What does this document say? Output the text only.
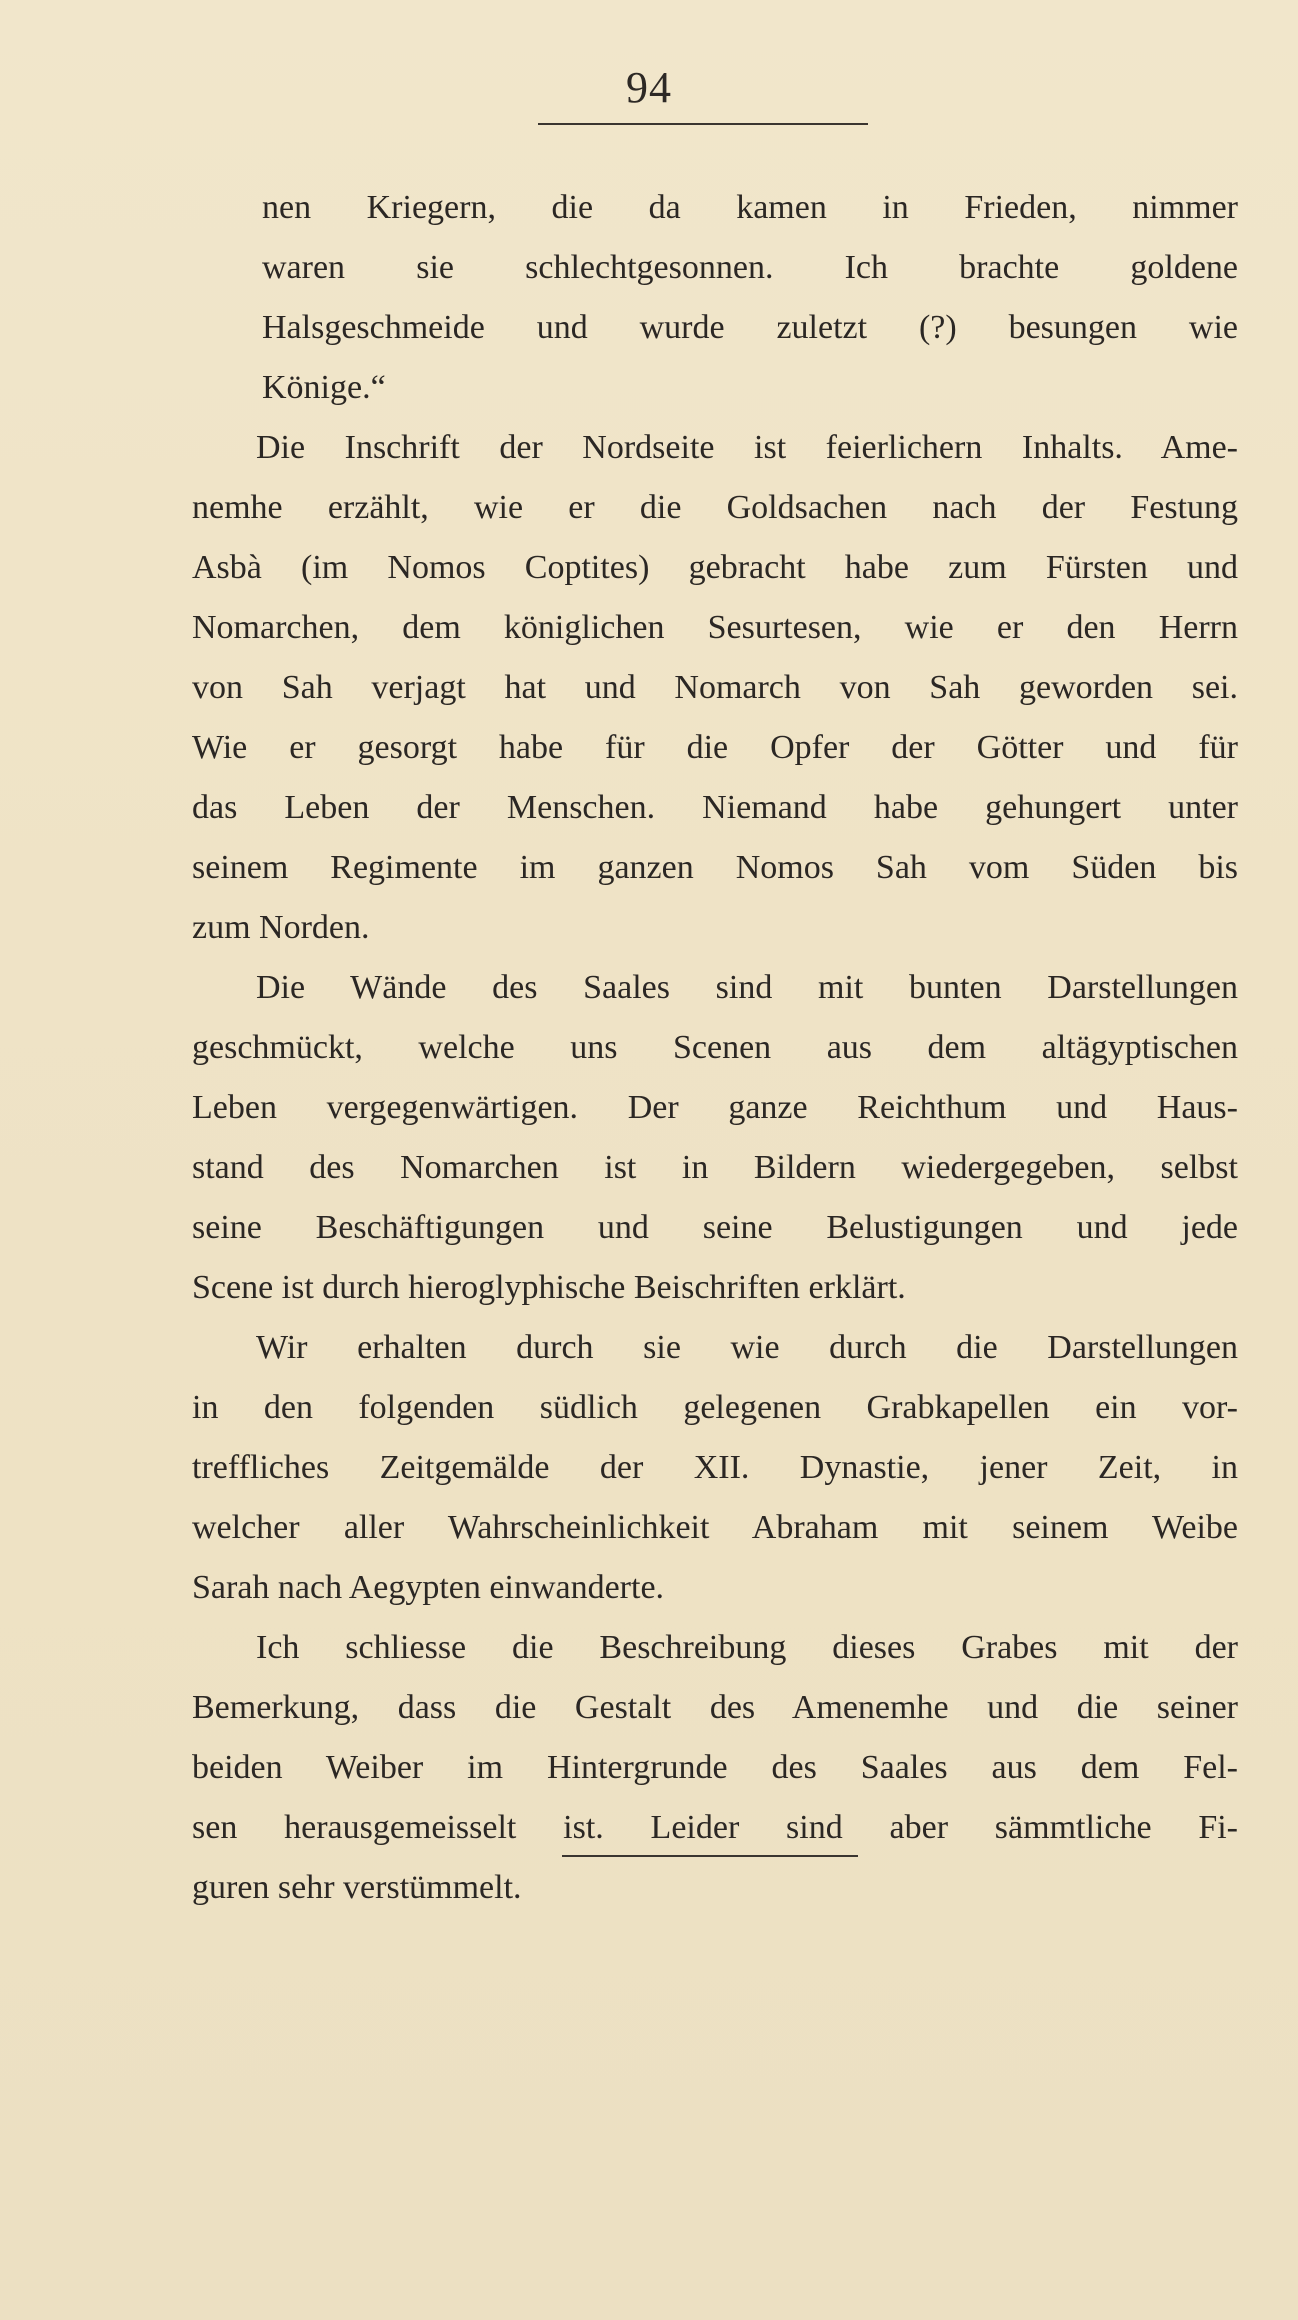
94
nen Kriegern, die da kamen in Frieden, nimmer
waren sie schlechtgesonnen. Ich brachte goldene
Halsgeschmeide und wurde zuletzt (?) besungen wie
Könige.“
Die Inschrift der Nordseite ist feierlichern Inhalts. Ame-
nemhe erzählt, wie er die Goldsachen nach der Festung
Asbà (im Nomos Coptites) gebracht habe zum Fürsten und
Nomarchen, dem königlichen Sesurtesen, wie er den Herrn
von Sah verjagt hat und Nomarch von Sah geworden sei.
Wie er gesorgt habe für die Opfer der Götter und für
das Leben der Menschen. Niemand habe gehungert unter
seinem Regimente im ganzen Nomos Sah vom Süden bis
zum Norden.
Die Wände des Saales sind mit bunten Darstellungen
geschmückt, welche uns Scenen aus dem altägyptischen
Leben vergegenwärtigen. Der ganze Reichthum und Haus-
stand des Nomarchen ist in Bildern wiedergegeben, selbst
seine Beschäftigungen und seine Belustigungen und jede
Scene ist durch hieroglyphische Beischriften erklärt.
Wir erhalten durch sie wie durch die Darstellungen
in den folgenden südlich gelegenen Grabkapellen ein vor-
treffliches Zeitgemälde der XII. Dynastie, jener Zeit, in
welcher aller Wahrscheinlichkeit Abraham mit seinem Weibe
Sarah nach Aegypten einwanderte.
Ich schliesse die Beschreibung dieses Grabes mit der
Bemerkung, dass die Gestalt des Amenemhe und die seiner
beiden Weiber im Hintergrunde des Saales aus dem Fel-
sen herausgemeisselt ist. Leider sind aber sämmtliche Fi-
guren sehr verstümmelt.
